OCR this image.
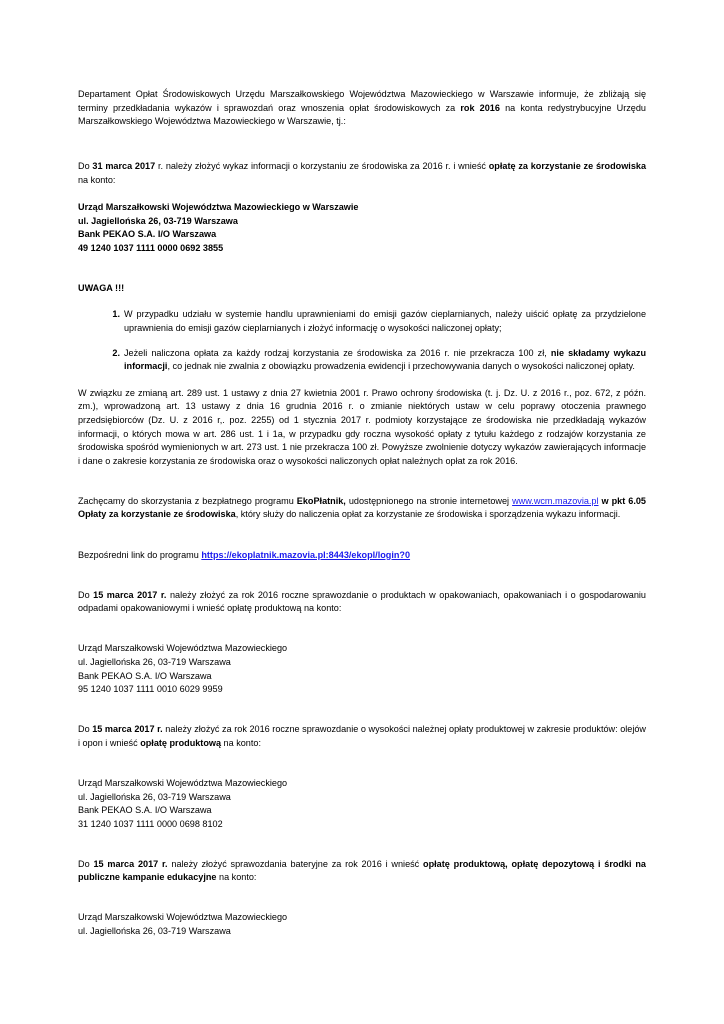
Departament Opłat Środowiskowych Urzędu Marszałkowskiego Województwa Mazowieckiego w Warszawie informuje, że zbliżają się terminy przedkładania wykazów i sprawozdań oraz wnoszenia opłat środowiskowych za rok 2016 na konta redystrybucyjne Urzędu Marszałkowskiego Województwa Mazowieckiego w Warszawie, tj.:

Do 31 marca 2017 r. należy złożyć wykaz informacji o korzystaniu ze środowiska za 2016 r. i wnieść opłatę za korzystanie ze środowiska na konto:

Urząd Marszałkowski Województwa Mazowieckiego w Warszawie
ul. Jagiellońska 26, 03-719 Warszawa
Bank PEKAO S.A. I/O Warszawa
49 1240 1037 1111 0000 0692 3855

UWAGA !!!

W przypadku udziału w systemie handlu uprawnieniami do emisji gazów cieplarnianych, należy uiścić opłatę za przydzielone uprawnienia do emisji gazów cieplarnianych i złożyć informację o wysokości naliczonej opłaty;
Jeżeli naliczona opłata za każdy rodzaj korzystania ze środowiska za 2016 r. nie przekracza 100 zł, nie składamy wykazu informacji, co jednak nie zwalnia z obowiązku prowadzenia ewidencji i przechowywania danych o wysokości naliczonej opłaty.

W związku ze zmianą art. 289 ust. 1 ustawy z dnia 27 kwietnia 2001 r. Prawo ochrony środowiska (t. j. Dz. U. z 2016 r., poz. 672, z późn. zm.), wprowadzoną art. 13 ustawy z dnia 16 grudnia 2016 r. o zmianie niektórych ustaw w celu poprawy otoczenia prawnego przedsiębiorców (Dz. U. z 2016 r,. poz. 2255) od 1 stycznia 2017 r. podmioty korzystające ze środowiska nie przedkładają wykazów informacji, o których mowa w art. 286 ust. 1 i 1a, w przypadku gdy roczna wysokość opłaty z tytułu każdego z rodzajów korzystania ze środowiska spośród wymienionych w art. 273 ust. 1 nie przekracza 100 zł. Powyższe zwolnienie dotyczy wykazów zawierających informacje i dane o zakresie korzystania ze środowiska oraz o wysokości naliczonych opłat należnych opłat za rok 2016.

Zachęcamy do skorzystania z bezpłatnego programu EkoPłatnik, udostępnionego na stronie internetowej www.wcm.mazovia.pl w pkt 6.05 Opłaty za korzystanie ze środowiska, który służy do naliczenia opłat za korzystanie ze środowiska i sporządzenia wykazu informacji.

Bezpośredni link do programu https://ekoplatnik.mazovia.pl:8443/ekopl/login?0

Do 15 marca 2017 r. należy złożyć za rok 2016 roczne sprawozdanie o produktach w opakowaniach, opakowaniach i o gospodarowaniu odpadami opakowaniowymi i wnieść opłatę produktową na konto:

Urząd Marszałkowski Województwa Mazowieckiego
ul. Jagiellońska 26, 03-719 Warszawa
Bank PEKAO S.A. I/O Warszawa
95 1240 1037 1111 0010 6029 9959

Do 15 marca 2017 r. należy złożyć za rok 2016 roczne sprawozdanie o wysokości należnej opłaty produktowej w zakresie produktów: olejów i opon i wnieść opłatę produktową na konto:

Urząd Marszałkowski Województwa Mazowieckiego
ul. Jagiellońska 26, 03-719 Warszawa
Bank PEKAO S.A. I/O Warszawa
31 1240 1037 1111 0000 0698 8102

Do 15 marca 2017 r. należy złożyć sprawozdania bateryjne za rok 2016 i wnieść opłatę produktową, opłatę depozytową i środki na publiczne kampanie edukacyjne na konto:

Urząd Marszałkowski Województwa Mazowieckiego
ul. Jagiellońska 26, 03-719 Warszawa
